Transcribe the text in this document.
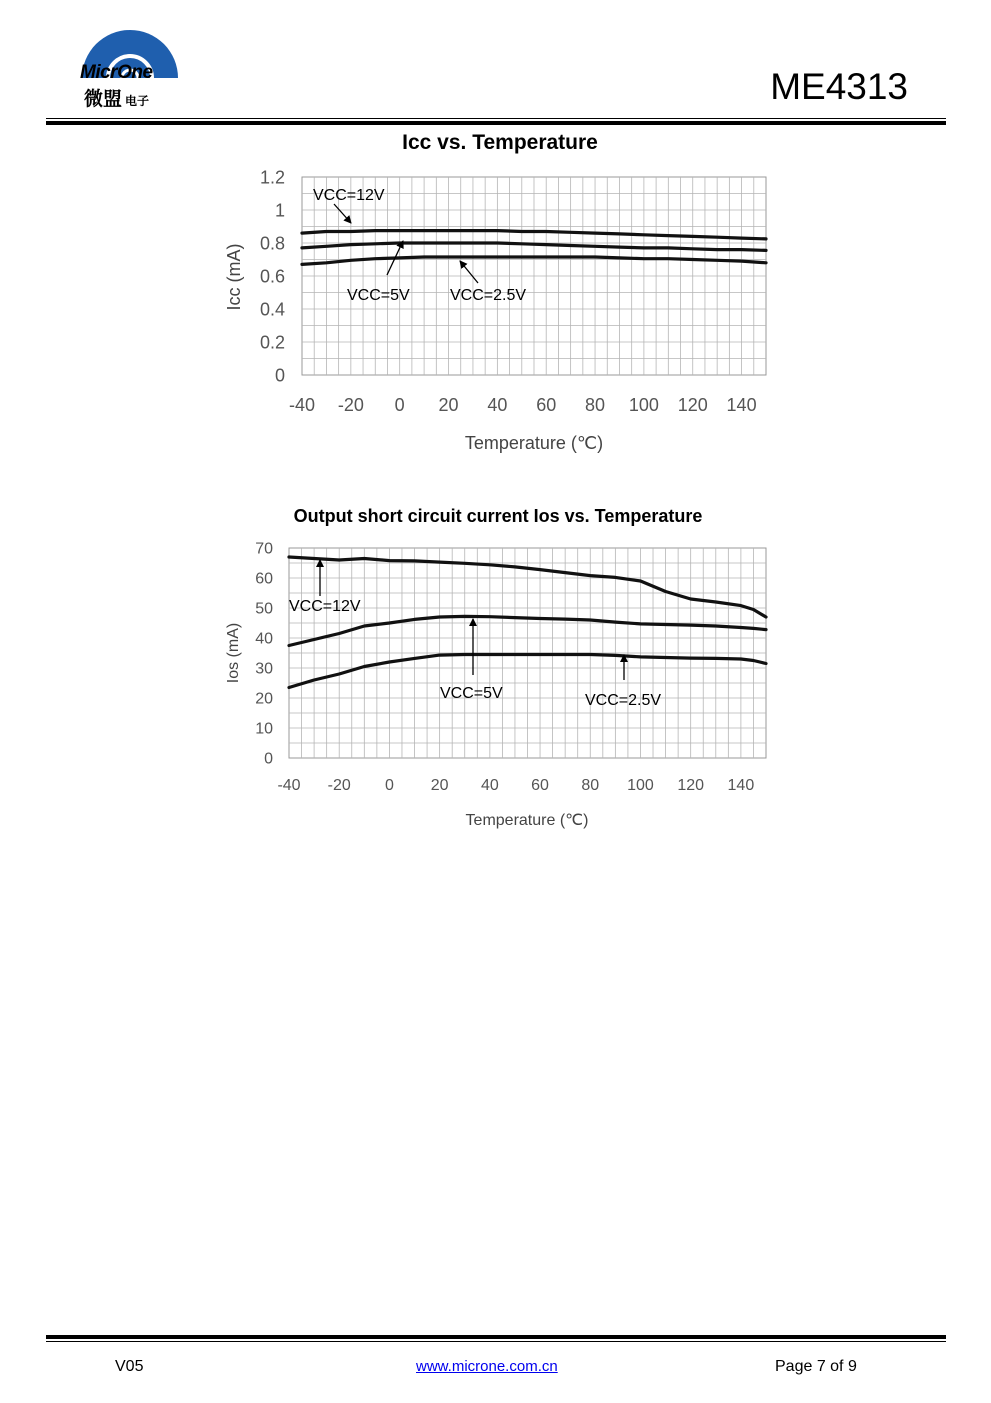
MicrOne
微盟 电子	ME4313
Icc vs. Temperature
0
0.2
0.4
0.6
0.8
1
1.2
-40 -20 0 20 40 60 80 100 120 140
Temperature (℃)
Icc (mA)
VCC=12V
VCC=5V	VCC=2.5V
Output short circuit current Ios vs. Temperature
0
10
20
30
40
50
60
70
-40 -20 0 20 40 60 80 100 120 140
Temperature (℃)
Ios (mA)
VCC=12V
VCC=5V	VCC=2.5V
V05	www.microne.com.cn	Page 7 of 9
